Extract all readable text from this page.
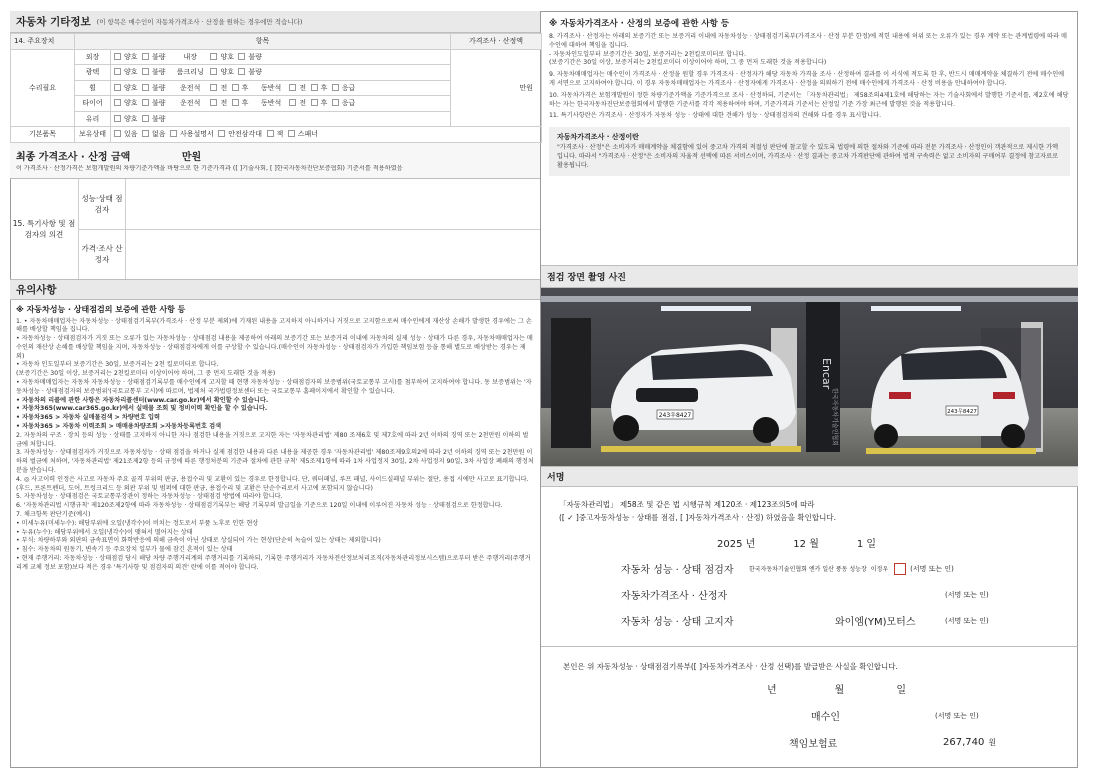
자동차 기타정보 (이 항목은 매수인이 자동차가격조사 · 산정을 원하는 경우에만 적습니다)
14. 주요장치	항목		가격조사 · 산정액
수리필요	외장	양호 불량 내장 양호 불량	만원
	광택	양호 불량 룸크리닝 양호 불량	
	휠	양호 불량 운전석 전 후 동반석 전 후 응급	
	타이어	양호 불량 운전석 전 후 동반석 전 후 응급	
	유리	양호 불량	
기본품목	보유상태	있음 없음 사용설명서 안전삼각대 잭 스패너	
최종 가격조사 · 산정 금액	만원
이 가격조사 · 산정가격은 보험개발원의 차량기준가액을 바탕으로 한 기준가격과 ([ ]기술사회, [ ]한국자동차진단보증협회) 기준서를 적용하였음
15. 특기사항 및 점검자의 의견
성능·상태 점검자
가격·조사 산정자
유의사항
※ 자동차성능 · 상태점검의 보증에 관한 사항 등

1. • 자동차매매업자는 자동차성능 · 상태점검기록부(가격조사 · 산정 부분 제외)에 기재된 내용을 고지하지 아니하거나 거짓으로 고지함으로써 매수인에게 재산상 손해가 발생한 경우에는 그 손해를 배상할 책임을 집니다.

• 자동차성능 · 상태점검자가 거짓 또는 오류가 있는 자동차성능 · 상태점검 내용을 제공하여 아래의 보증기간 또는 보증거리 이내에 자동차의 실제 성능 · 상태가 다른 경우, 자동차매매업자는 매수인의 재산상 손해를 배상할 책임을 지며, 자동차성능 · 상태점검자에게 이를 구상할 수 있습니다.(매수인이 자동차성능 · 상태점검자가 가입한 책임보험 등을 통해 별도로 배상받는 경우는 제외)

• 자동차 인도일부터 보증기간은 30일, 보증거리는 2천 킬로미터로 합니다.

(보증기간은 30일 이상, 보증거리는 2천킬로미터 이상이어야 하며, 그 중 먼저 도래한 것을 적용)

• 자동차매매업자는 자동차 자동차성능 · 상태점검기록부를 매수인에게 고지할 때 현행 자동차성능 · 상태점검자의 보증범위(국토교통부 고시)를 첨부하여 고지하여야 합니다. 동 보증범위는 '자동차성능 · 상태점검자의 보증범위'(국토교통부 고시)에 따르며, 법제처 국가법령정보센터 또는 국토교통부 홈페이지에서 확인할 수 있습니다.

• 자동차의 리콜에 관한 사항은 자동차리콜센터(www.car.go.kr)에서 확인할 수 있습니다.

• 자동차365(www.car365.go.kr)에서 실매물 조회 및 정비이력 확인을 할 수 있습니다.

• 자동차365 > 자동차 실매물검색 > 차량번호 입력

• 자동차365 > 자동차 이력조회 > 매매용차량조회 >자동차등록번호 검색

2. 자동차의 구조 · 장치 등의 성능 · 상태를 고지하지 아니한 자나 점검한 내용을 거짓으로 고지한 자는 '자동차관리법' 제80 조제6호 및 제7호에 따라 2년 이하의 징역 또는 2천만원 이하의 벌금에 처합니다.

3. 자동차성능 · 상태점검자가 거짓으로 자동차성능 · 상태 점검을 하거나 실제 점검한 내용과 다른 내용을 제공한 경우 '자동차관리법' 제80조제9호의2에 따라 2년 이하의 징역 또는 2천만원 이하의 벌금에 처하며, '자동차관리법' 제21조제2항 등의 규정에 따른 행정처분의 기준과 절차에 관한 규칙' 제5조제1항에 따라 1차 사업정지 30일, 2차 사업정지 90일, 3차 사업장 폐쇄의 행정처분을 받습니다.

4. ◎ 사고이력 인정은 사고로 자동차 주요 골격 부위의 판금, 용접수리 및 교환이 있는 경우로 한정합니다. 단, 쿼터패널, 루프 패널, 사이드실패널 부위는 절단, 용접 시에만 사고로 표기합니다.

(후드, 프론트펜더, 도어, 트렁크리드 등 외판 부위 및 범퍼에 대한 판금, 용접수리 및 교환은 단순수리로서 사고에 포함되지 않습니다)

5. 자동차성능 · 상태점검은 국토교통부장관이 정하는 자동차성능 · 상태점검 방법에 따라야 합니다.

6. '자동차관리법 시행규칙' 제120조제2항에 따라 자동차성능 · 상태점검기록부는 해당 기록부의 발급일을 기준으로 120일 이내에 이루어진 자동차 성능 · 상태점검으로 한정합니다.

7. 체크항목 판단기준(예시)

• 미세누유(미세누수): 해당부위에 오일(냉각수)이 비치는 정도로서 부품 노후로 인한 현상

• 누유(누수): 해당부위에서 오일(냉각수)이 맺혀서 떨어지는 상태

• 부식: 차량하부와 외판의 금속표면이 화학반응에 의해 금속이 아닌 상태로 상실되어 가는 현상(단순히 녹슬어 있는 상태는 제외합니다)

• 침수: 자동차의 원동기, 변속기 등 주요장치 일부가 물에 잠긴 흔적이 있는 상태

• 현재 주행거리: 자동차성능 · 상태점검 당시 해당 차량 주행거리계의 주행거리를 기록하되, 기록한 주행거리가 자동차전산정보처리조직(자동차관리정보시스템)으로부터 받은 주행거리(주행거리계 교체 정보 포함)보다 적은 경우 '특기사항 및 점검자의 의견' 란에 이를 적어야 합니다.

※ 자동차가격조사 · 산정의 보증에 관한 사항 등

8. 가격조사 · 산정자는 아래의 보증기간 또는 보증거리 이내에 자동차성능 · 상태점검기록부(가격조사 · 산정 부분 한정)에 적힌 내용에 허위 또는 오류가 있는 경우 계약 또는 관계법령에 따라 매수인에 대하여 책임을 집니다.

- 자동차인도일부터 보증기간은 30일, 보증거리는 2천킬로미터로 합니다.

(보증기간은 30일 이상, 보증거리는 2천킬로미터 이상이어야 하며, 그 중 먼저 도래한 것을 적용합니다)

9. 자동차매매업자는 매수인이 가격조사 · 산정을 원할 경우 가격조사 · 산정자가 해당 자동차 가격을 조사 · 산정하여 결과를 이 서식에 적도록 한 후, 반드시 매매계약을 체결하기 전에 매수인에게 서면으로 고지하여야 합니다. 이 경우 자동차매매업자는 가격조사 · 산정자에게 가격조사 · 산정을 의뢰하기 전에 매수인에게 가격조사 · 산정 비용을 안내하여야 합니다.

10. 자동차가격은 보험개발원이 정한 차량기준가액을 기준가격으로 조사 · 산정하되, 기준서는 「자동차관리법」 제58조의4제1호에 해당하는 자는 기술사회에서 발행한 기준서를, 제2호에 해당하는 자는 한국자동차진단보증협회에서 발행한 기준서를 각각 적용하여야 하며, 기준가격과 기준서는 산정일 기준 가장 최근에 발행된 것을 적용합니다.

11. 특기사항란은 가격조사 · 산정자가 자동차 성능 · 상태에 대한 견해가 성능 · 상태점검자의 견해와 다를 경우 표시합니다.

자동차가격조사 · 산정이란
"가격조사 · 산정"은 소비자가 매매계약을 체결함에 있어 중고차 가격의 적절성 판단에 참고할 수 있도록 법령에 의한 절차와 기준에 따라 전문 가격조사 · 산정인이 객관적으로 제시한 가액입니다. 따라서 "가격조사 · 산정"은 소비자의 자율적 선택에 따른 서비스이며, 가격조사 · 산정 결과는 중고차 가격판단에 관하여 법적 구속력은 없고 소비자의 구매여부 결정에 참고자료로 활용됩니다.
점검 장면 촬영 사진
Encar
한국자동차기술인협회
243우8427	243우8427
서명
「자동차관리법」 제58조 및 같은 법 시행규칙 제120조 · 제123조의5에 따라
([ ✓ ]중고자동차성능 · 상태를 점검, [ ]자동차가격조사 · 산정) 하였음을 확인합니다.
2025 년	12 월	1 일
자동차 성능 · 상태 점검자	한국자동차기술인협회 엔카 일산 풍동 성능장 이정우	(서명 또는 인)
자동차가격조사 · 산정자	(서명 또는 인)
자동차 성능 · 상태 고지자	와이엠(YM)모터스	(서명 또는 인)
본인은 위 자동차성능 · 상태점검기록부([ ]자동차가격조사 · 산정 선택)를 발급받은 사실을 확인합니다.
년	월	일
매수인	(서명 또는 인)
책임보험료	267,740 원
